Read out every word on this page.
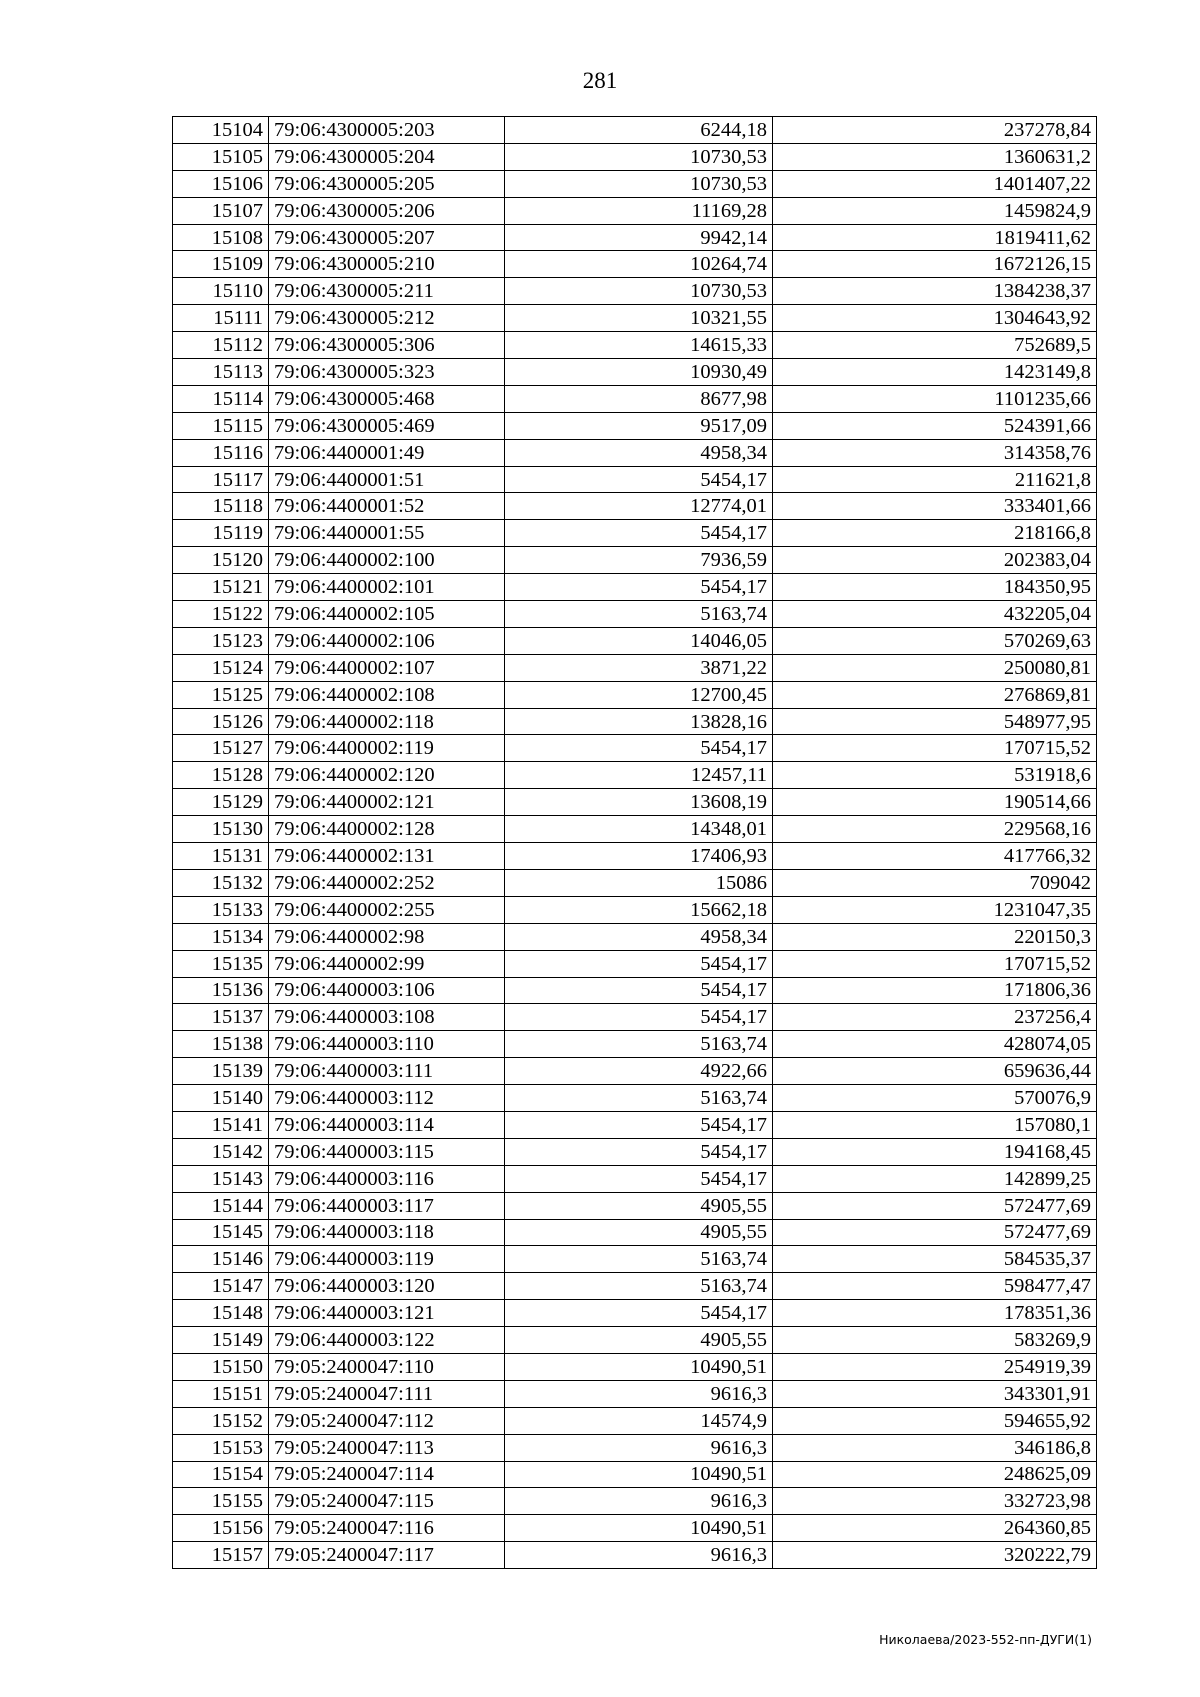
281
15104	79:06:4300005:203	6244,18	237278,84
15105	79:06:4300005:204	10730,53	1360631,2
15106	79:06:4300005:205	10730,53	1401407,22
15107	79:06:4300005:206	11169,28	1459824,9
15108	79:06:4300005:207	9942,14	1819411,62
15109	79:06:4300005:210	10264,74	1672126,15
15110	79:06:4300005:211	10730,53	1384238,37
15111	79:06:4300005:212	10321,55	1304643,92
15112	79:06:4300005:306	14615,33	752689,5
15113	79:06:4300005:323	10930,49	1423149,8
15114	79:06:4300005:468	8677,98	1101235,66
15115	79:06:4300005:469	9517,09	524391,66
15116	79:06:4400001:49	4958,34	314358,76
15117	79:06:4400001:51	5454,17	211621,8
15118	79:06:4400001:52	12774,01	333401,66
15119	79:06:4400001:55	5454,17	218166,8
15120	79:06:4400002:100	7936,59	202383,04
15121	79:06:4400002:101	5454,17	184350,95
15122	79:06:4400002:105	5163,74	432205,04
15123	79:06:4400002:106	14046,05	570269,63
15124	79:06:4400002:107	3871,22	250080,81
15125	79:06:4400002:108	12700,45	276869,81
15126	79:06:4400002:118	13828,16	548977,95
15127	79:06:4400002:119	5454,17	170715,52
15128	79:06:4400002:120	12457,11	531918,6
15129	79:06:4400002:121	13608,19	190514,66
15130	79:06:4400002:128	14348,01	229568,16
15131	79:06:4400002:131	17406,93	417766,32
15132	79:06:4400002:252	15086	709042
15133	79:06:4400002:255	15662,18	1231047,35
15134	79:06:4400002:98	4958,34	220150,3
15135	79:06:4400002:99	5454,17	170715,52
15136	79:06:4400003:106	5454,17	171806,36
15137	79:06:4400003:108	5454,17	237256,4
15138	79:06:4400003:110	5163,74	428074,05
15139	79:06:4400003:111	4922,66	659636,44
15140	79:06:4400003:112	5163,74	570076,9
15141	79:06:4400003:114	5454,17	157080,1
15142	79:06:4400003:115	5454,17	194168,45
15143	79:06:4400003:116	5454,17	142899,25
15144	79:06:4400003:117	4905,55	572477,69
15145	79:06:4400003:118	4905,55	572477,69
15146	79:06:4400003:119	5163,74	584535,37
15147	79:06:4400003:120	5163,74	598477,47
15148	79:06:4400003:121	5454,17	178351,36
15149	79:06:4400003:122	4905,55	583269,9
15150	79:05:2400047:110	10490,51	254919,39
15151	79:05:2400047:111	9616,3	343301,91
15152	79:05:2400047:112	14574,9	594655,92
15153	79:05:2400047:113	9616,3	346186,8
15154	79:05:2400047:114	10490,51	248625,09
15155	79:05:2400047:115	9616,3	332723,98
15156	79:05:2400047:116	10490,51	264360,85
15157	79:05:2400047:117	9616,3	320222,79
Николаева/2023-552-пп-ДУГИ(1)
